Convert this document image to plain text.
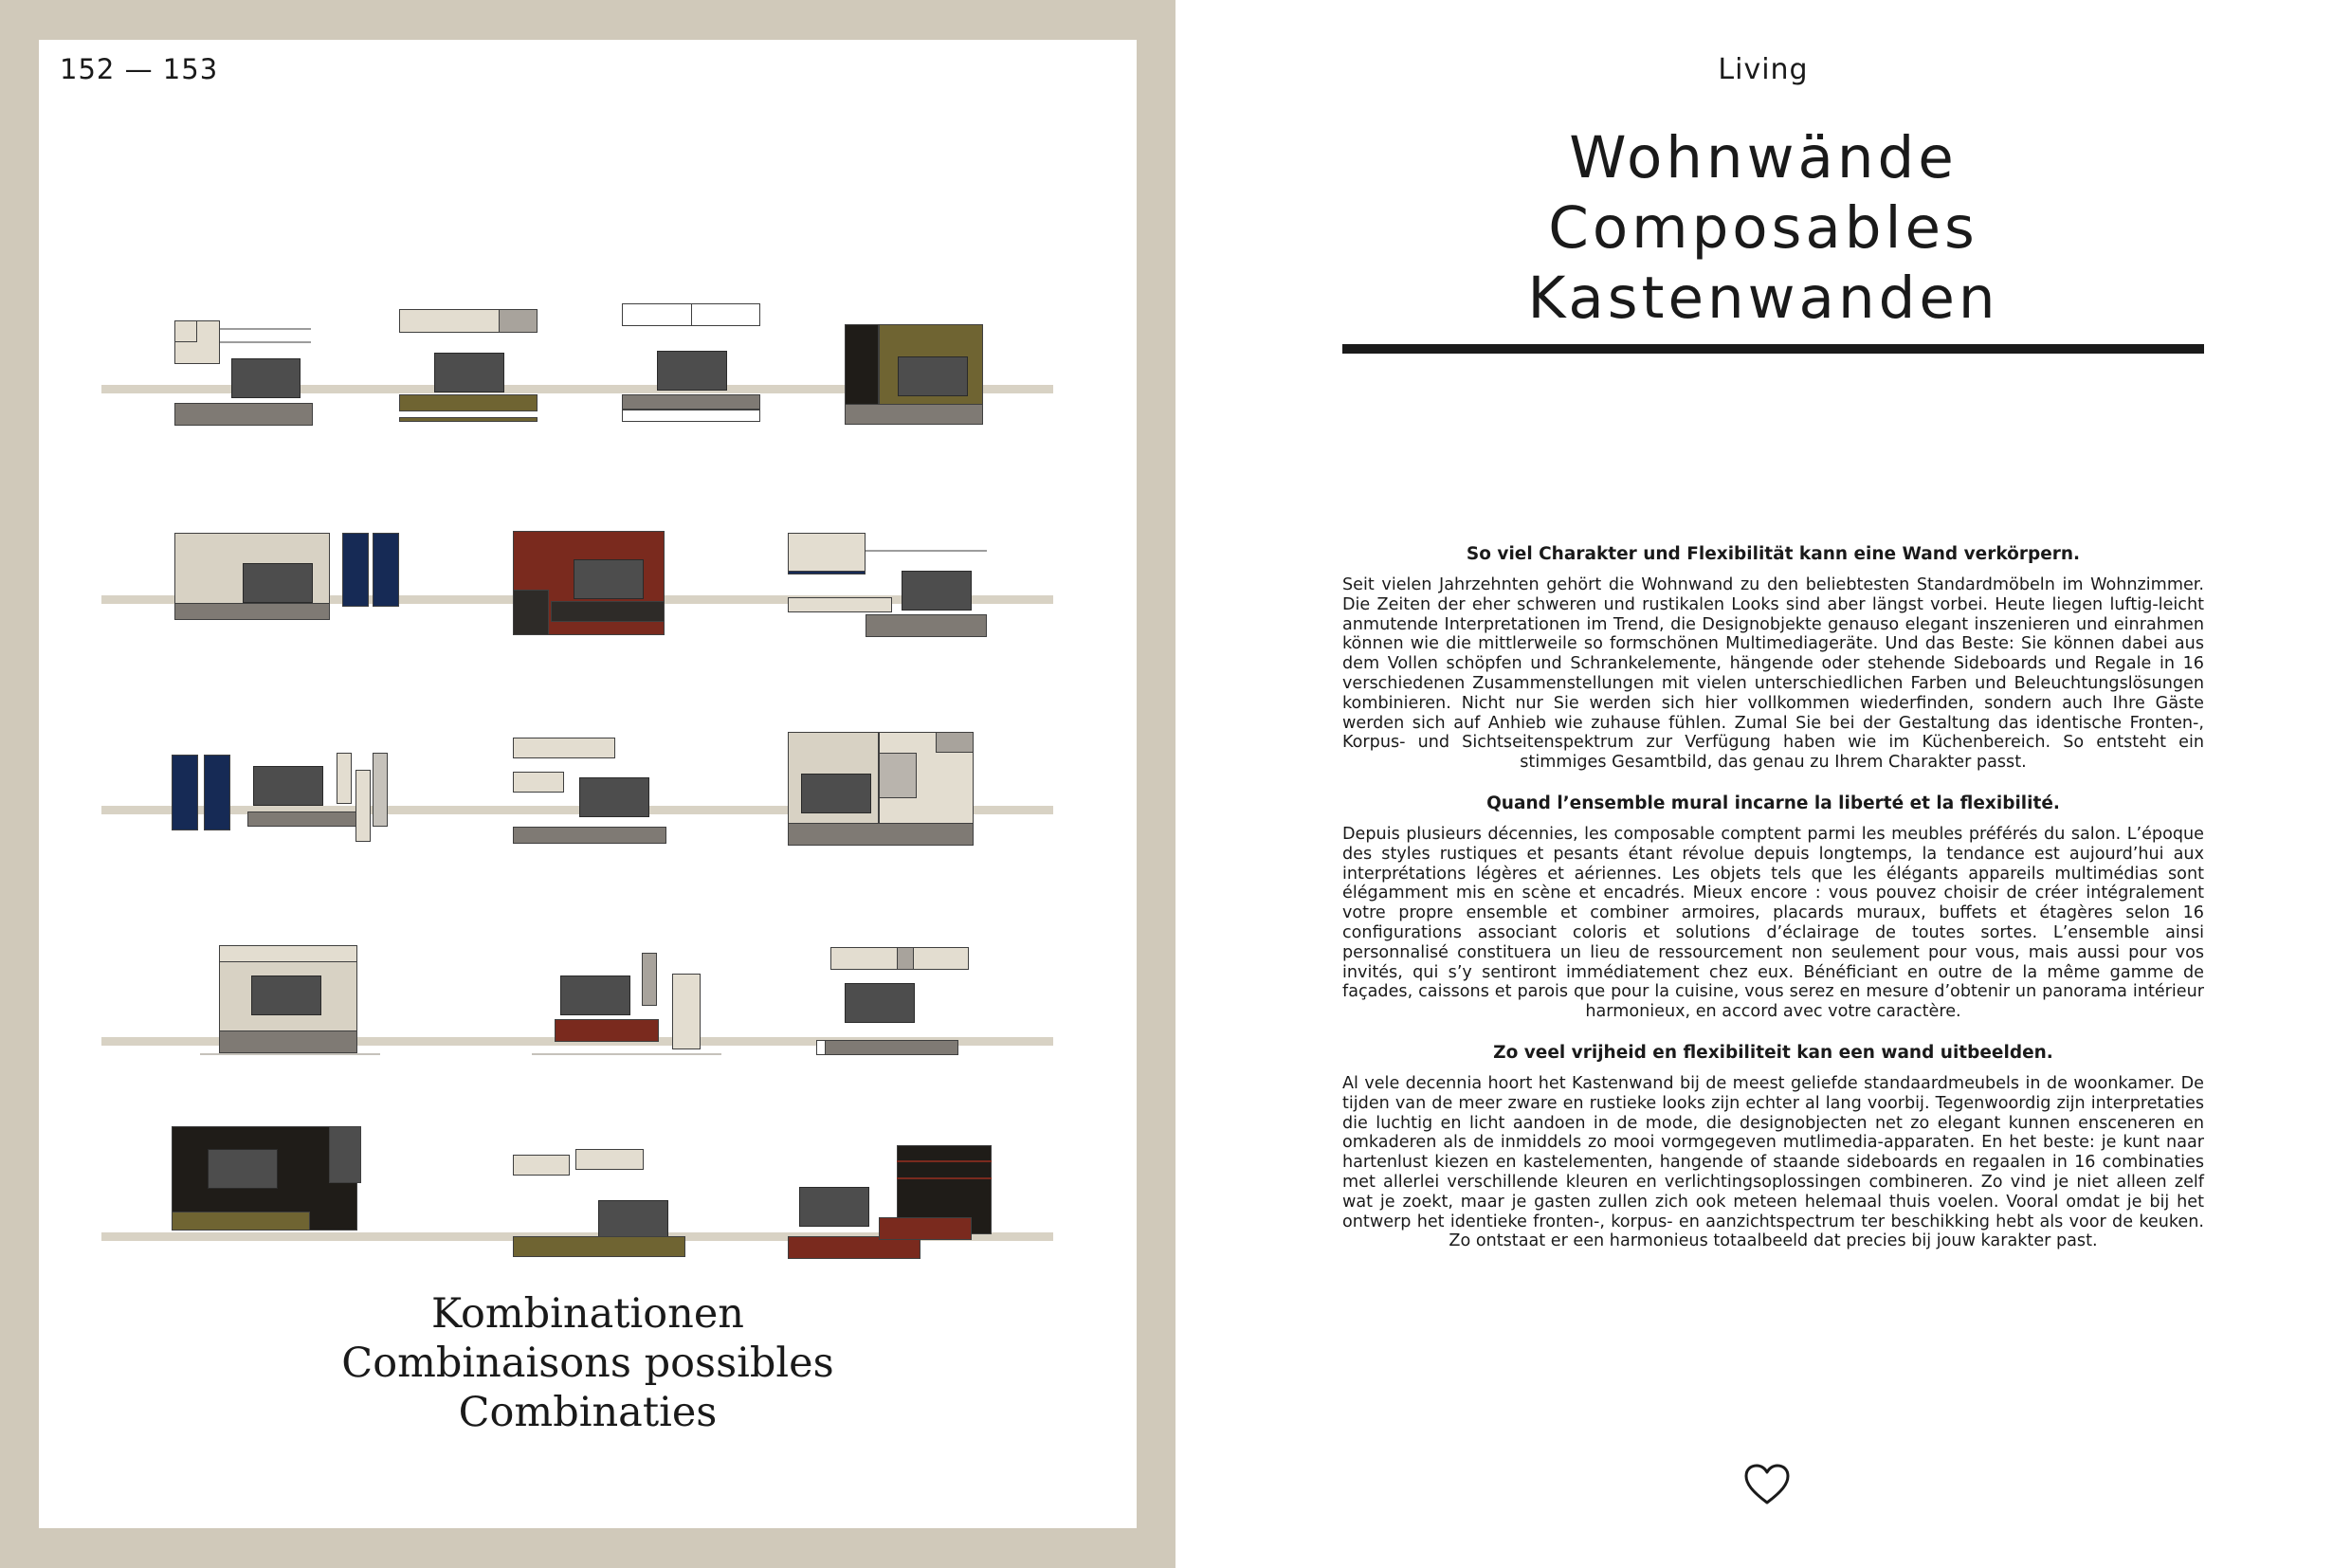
152 — 153
Kombinationen
Combinaisons possibles
Combinaties
Living
Wohnwände
Composables
Kastenwanden
So viel Charakter und Flexibilität kann eine Wand verkörpern.
Seit vielen Jahrzehnten gehört die Wohnwand zu den beliebtesten Standardmöbeln im Wohnzimmer. Die Zeiten der eher schweren und rustikalen Looks sind aber längst vorbei. Heute liegen luftig-leicht anmutende Interpretationen im Trend, die Designobjekte genauso elegant inszenieren und einrahmen können wie die mittlerweile so formschönen Multimediageräte. Und das Beste: Sie können dabei aus dem Vollen schöpfen und Schrankelemente, hängende oder stehende Sideboards und Regale in 16 verschiedenen Zusammenstellungen mit vielen unterschiedlichen Farben und Beleuchtungslösungen kombinieren. Nicht nur Sie werden sich hier vollkommen wiederfinden, sondern auch Ihre Gäste werden sich auf Anhieb wie zuhause fühlen. Zumal Sie bei der Gestaltung das identische Fronten-, Korpus- und Sichtseitenspektrum zur Verfügung haben wie im Küchenbereich. So entsteht ein stimmiges Gesamtbild, das genau zu Ihrem Charakter passt.
Quand l’ensemble mural incarne la liberté et la flexibilité.
Depuis plusieurs décennies, les composable comptent parmi les meubles préférés du salon. L’époque des styles rustiques et pesants étant révolue depuis longtemps, la tendance est aujourd’hui aux interprétations légères et aériennes. Les objets tels que les élégants appareils multimédias sont élégamment mis en scène et encadrés. Mieux encore : vous pouvez choisir de créer intégralement votre propre ensemble et combiner armoires, placards muraux, buffets et étagères selon 16 configurations associant coloris et solutions d’éclairage de toutes sortes. L’ensemble ainsi personnalisé constituera un lieu de ressourcement non seulement pour vous, mais aussi pour vos invités, qui s’y sentiront immédiatement chez eux. Bénéficiant en outre de la même gamme de façades, caissons et parois que pour la cuisine, vous serez en mesure d’obtenir un panorama intérieur harmonieux, en accord avec votre caractère.
Zo veel vrijheid en flexibiliteit kan een wand uitbeelden.
Al vele decennia hoort het Kastenwand bij de meest geliefde standaardmeubels in de woonkamer. De tijden van de meer zware en rustieke looks zijn echter al lang voorbij. Tegenwoordig zijn interpretaties die luchtig en licht aandoen in de mode, die designobjecten net zo elegant kunnen ensceneren en omkaderen als de inmiddels zo mooi vormgegeven mutlimedia-apparaten. En het beste: je kunt naar hartenlust kiezen en kastelementen, hangende of staande sideboards en regaalen in 16 combinaties met allerlei verschillende kleuren en verlichtingsoplossingen combineren. Zo vind je niet alleen zelf wat je zoekt, maar je gasten zullen zich ook meteen helemaal thuis voelen. Vooral omdat je bij het ontwerp het identieke fronten-, korpus- en aanzichtspectrum ter beschikking hebt als voor de keuken. Zo ontstaat er een harmonieus totaalbeeld dat precies bij jouw karakter past.
